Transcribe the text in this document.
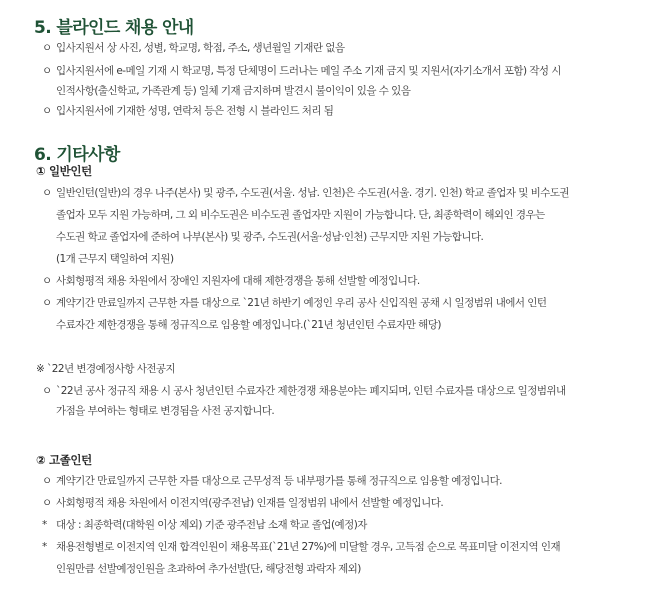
5. 블라인드 채용 안내
ㅇ 입사지원서 상 사진, 성별, 학교명, 학점, 주소, 생년월일 기재란 없음
ㅇ 입사지원서에 e-메일 기재 시 학교명, 특정 단체명이 드러나는 메일 주소 기재 금지 및 지원서(자기소개서 포함) 작성 시
인적사항(출신학교, 가족관계 등) 일체 기재 금지하며 발견시 불이익이 있을 수 있음
ㅇ 입사지원서에 기재한 성명, 연락처 등은 전형 시 블라인드 처리 됨
6. 기타사항
① 일반인턴
ㅇ 일반인턴(일반)의 경우 나주(본사) 및 광주, 수도권(서울. 성남. 인천)은 수도권(서울. 경기. 인천) 학교 졸업자 및 비수도권
졸업자 모두 지원 가능하며, 그 외 비수도권은 비수도권 졸업자만 지원이 가능합니다. 단, 최종학력이 해외인 경우는
수도권 학교 졸업자에 준하여 나부(본사) 및 광주, 수도권(서울·성남·인천) 근무지만 지원 가능합니다.
(1개 근무지 택일하여 지원)
ㅇ 사회형평적 채용 차원에서 장애인 지원자에 대해 제한경쟁을 통해 선발할 예정입니다.
ㅇ 계약기간 만료일까지 근무한 자를 대상으로 `21년 하반기 예정인 우리 공사 신입직원 공채 시 일정범위 내에서 인턴
수료자간 제한경쟁을 통해 정규직으로 임용할 예정입니다.(`21년 청년인턴 수료자만 해당)
※ `22년 변경예정사항 사전공지
ㅇ `22년 공사 정규직 채용 시 공사 청년인턴 수료자간 제한경쟁 채용분야는 폐지되며, 인턴 수료자를 대상으로 일정범위내
가점을 부여하는 형태로 변경됨을 사전 공지합니다.
② 고졸인턴
ㅇ 계약기간 만료일까지 근무한 자를 대상으로 근무성적 등 내부평가를 통해 정규직으로 임용할 예정입니다.
ㅇ 사회형평적 채용 차원에서 이전지역(광주전남) 인재를 일정범위 내에서 선발할 예정입니다.
* 대상 : 최종학력(대학원 이상 제외) 기준 광주전남 소재 학교 졸업(예정)자
* 채용전형별로 이전지역 인재 합격인원이 채용목표(`21년 27%)에 미달할 경우, 고득점 순으로 목표미달 이전지역 인재
인원만큼 선발예정인원을 초과하여 추가선발(단, 해당전형 과락자 제외)
